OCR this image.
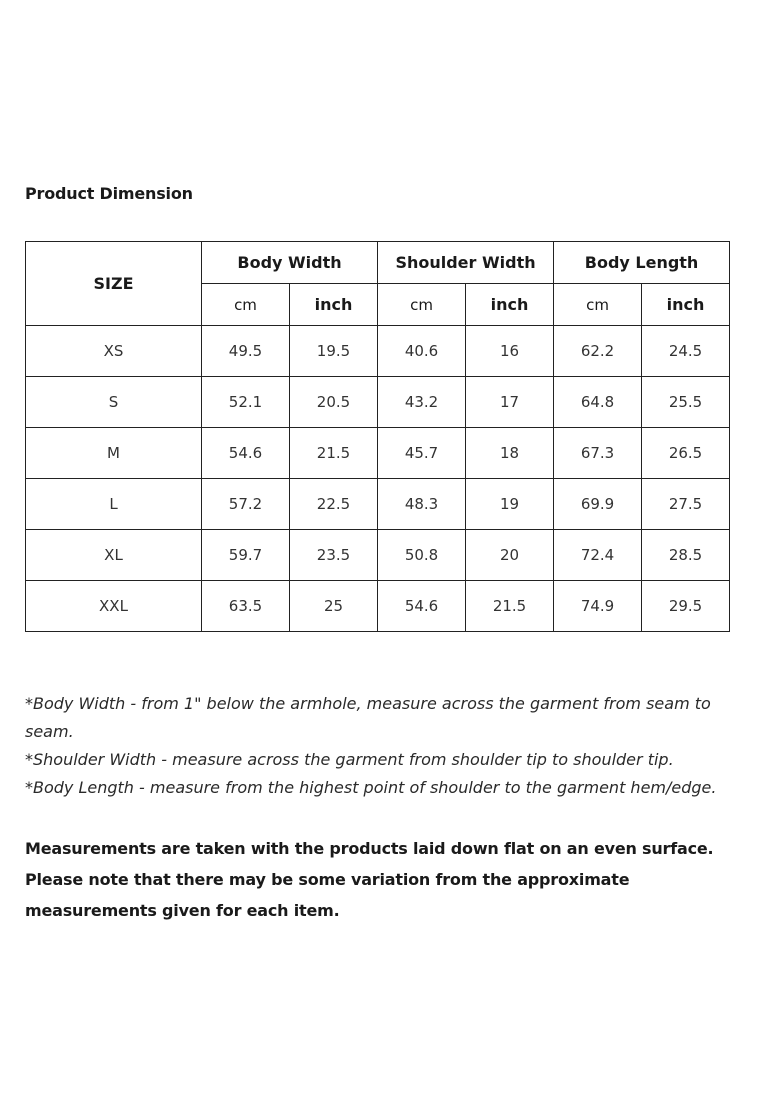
Product Dimension
SIZE	Body Width		Shoulder Width		Body Length	
	cm	inch	cm	inch	cm	inch
XS	49.5	19.5	40.6	16	62.2	24.5
S	52.1	20.5	43.2	17	64.8	25.5
M	54.6	21.5	45.7	18	67.3	26.5
L	57.2	22.5	48.3	19	69.9	27.5
XL	59.7	23.5	50.8	20	72.4	28.5
XXL	63.5	25	54.6	21.5	74.9	29.5

*Body Width - from 1" below the armhole, measure across the garment from seam to seam.

*Shoulder Width - measure across the garment from shoulder tip to shoulder tip.

*Body Length - measure from the highest point of shoulder to the garment hem/edge.

Measurements are taken with the products laid down flat on an even surface. Please note that there may be some variation from the approximate measurements given for each item.
